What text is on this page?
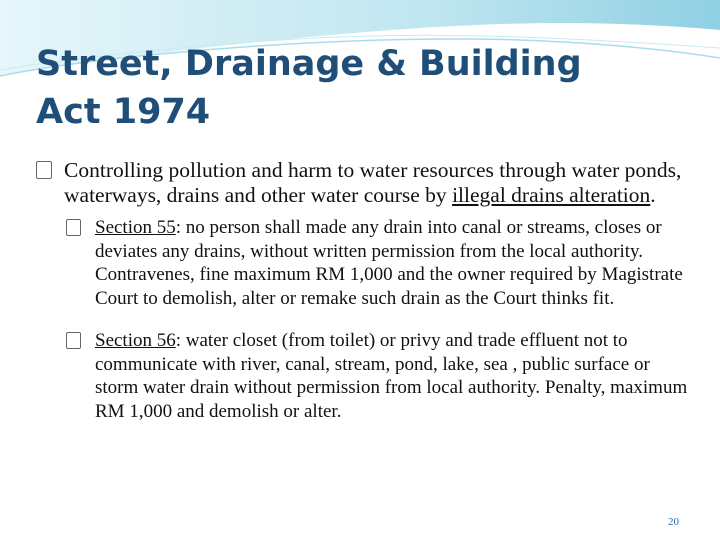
Street, Drainage & Building
Act 1974

Controlling pollution and harm to water resources through water ponds, waterways, drains and other water course by illegal drains alteration.

Section 55: no person shall made any drain into canal or streams, closes or deviates any drains, without written permission from the local authority. Contravenes, fine maximum RM 1,000 and the owner required by Magistrate Court to demolish, alter or remake such drain as the Court thinks fit.

Section 56: water closet (from toilet) or privy and trade effluent not to communicate with river, canal, stream, pond, lake, sea , public surface or storm water drain without permission from local authority. Penalty, maximum RM 1,000 and demolish or alter.

20
